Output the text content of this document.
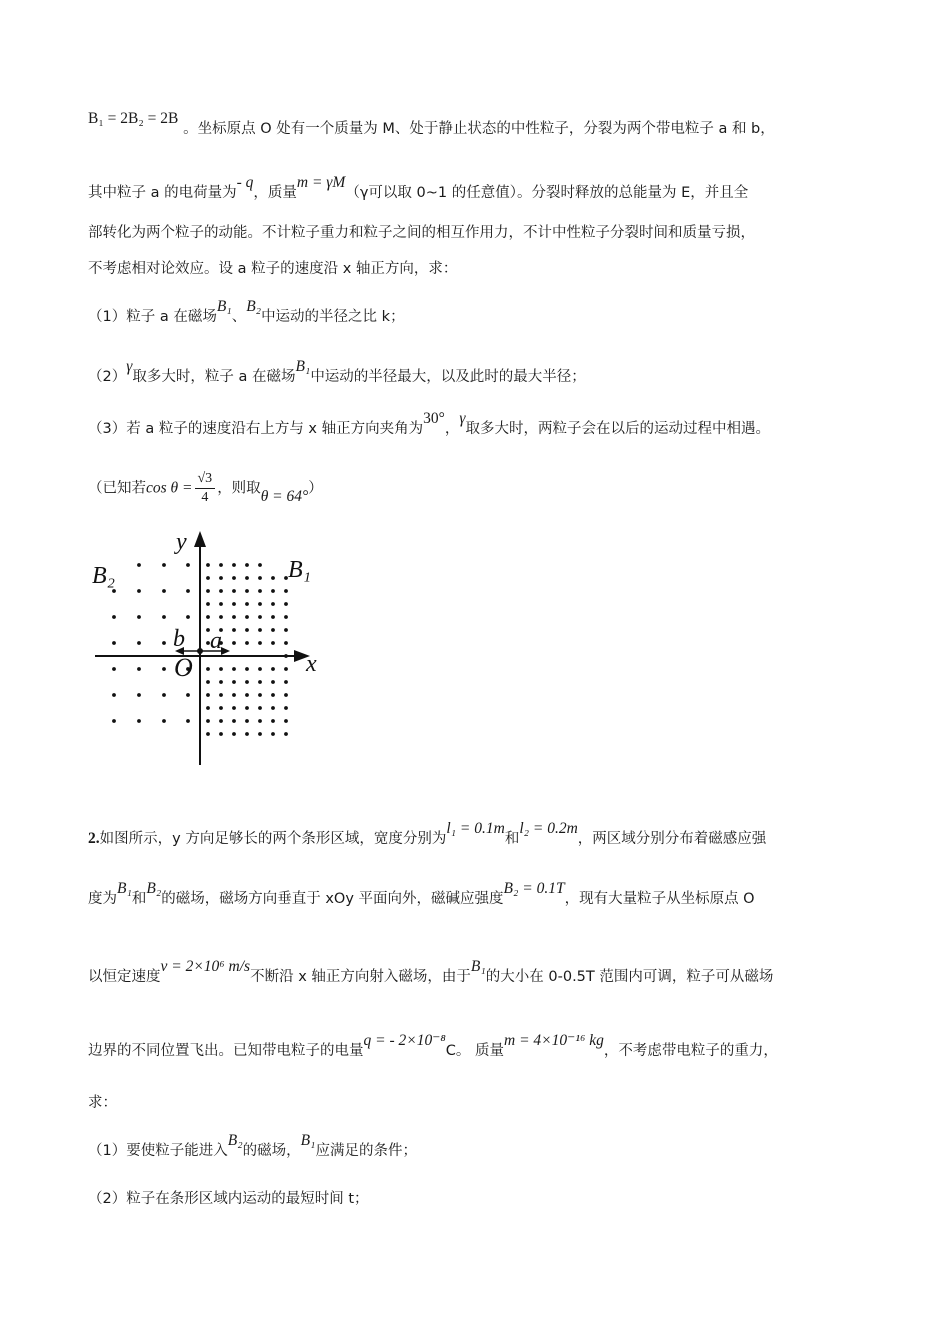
B₁ = 2B₂ = 2B 。坐标原点 O 处有一个质量为 M、处于静止状态的中性粒子，分裂为两个带电粒子 a 和 b，
其中粒子 a 的电荷量为- q，质量m = γM（γ可以取 0~1 的任意值）。分裂时释放的总能量为 E，并且全
部转化为两个粒子的动能。不计粒子重力和粒子之间的相互作用力，不计中性粒子分裂时间和质量亏损，
不考虑相对论效应。设 a 粒子的速度沿 x 轴正方向，求：
（1）粒子 a 在磁场B₁、B₂中运动的半径之比 k；
（2）γ取多大时，粒子 a 在磁场B₁中运动的半径最大，以及此时的最大半径；
（3）若 a 粒子的速度沿右上方与 x 轴正方向夹角为30°，γ取多大时，两粒子会在以后的运动过程中相遇。
（已知若$\cos \theta = \frac{√3}{4}$ ，则取θ = 64°）
y
x
O
a
b
B₁
B₂
2.如图所示，y 方向足够长的两个条形区域，宽度分别为l₁ = 0.1m和l₂ = 0.2m，两区域分别分布着磁感应强
度为B₁和B₂的磁场，磁场方向垂直于 xOy 平面向外，磁碱应强度B₂ = 0.1T，现有大量粒子从坐标原点 O
以恒定速度v = 2×10⁶ m/s不断沿 x 轴正方向射入磁场，由于B₁的大小在 0-0.5T 范围内可调，粒子可从磁场
边界的不同位置飞出。已知带电粒子的电量q = - 2×10⁻⁸C。 质量m = 4×10⁻¹⁶ kg，不考虑带电粒子的重力，
求：
（1）要使粒子能进入B₂的磁场，B₁应满足的条件；
（2）粒子在条形区域内运动的最短时间 t；
